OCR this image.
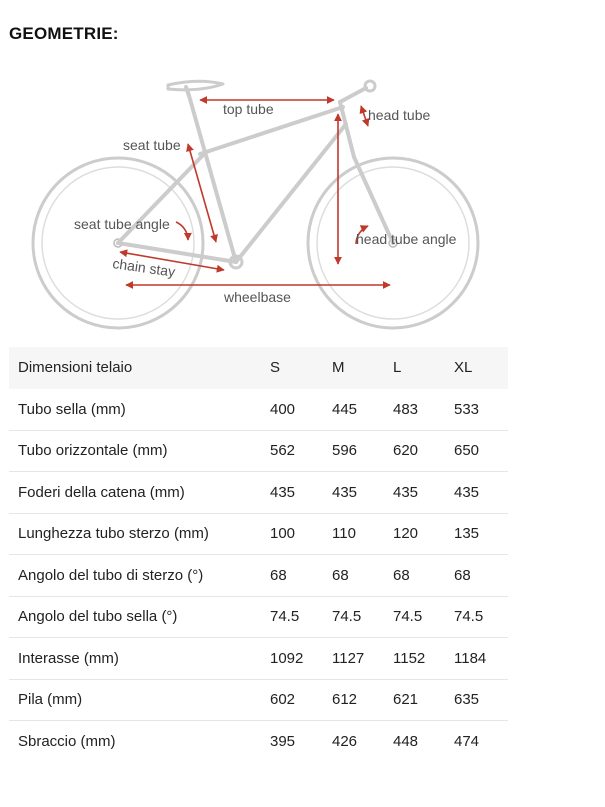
GEOMETRIE:
top tube	head tube
seat tube
seat tube angle
head tube angle
chain stay
wheelbase
Dimensioni telaio	S	M	L	XL
Tubo sella (mm)	400	445	483	533
Tubo orizzontale (mm)	562	596	620	650
Foderi della catena (mm)	435	435	435	435
Lunghezza tubo sterzo (mm)	100	110	120	135
Angolo del tubo di sterzo (°)	68	68	68	68
Angolo del tubo sella (°)	74.5	74.5	74.5	74.5
Interasse (mm)	1092	1127	1152	1184
Pila (mm)	602	612	621	635
Sbraccio (mm)	395	426	448	474
